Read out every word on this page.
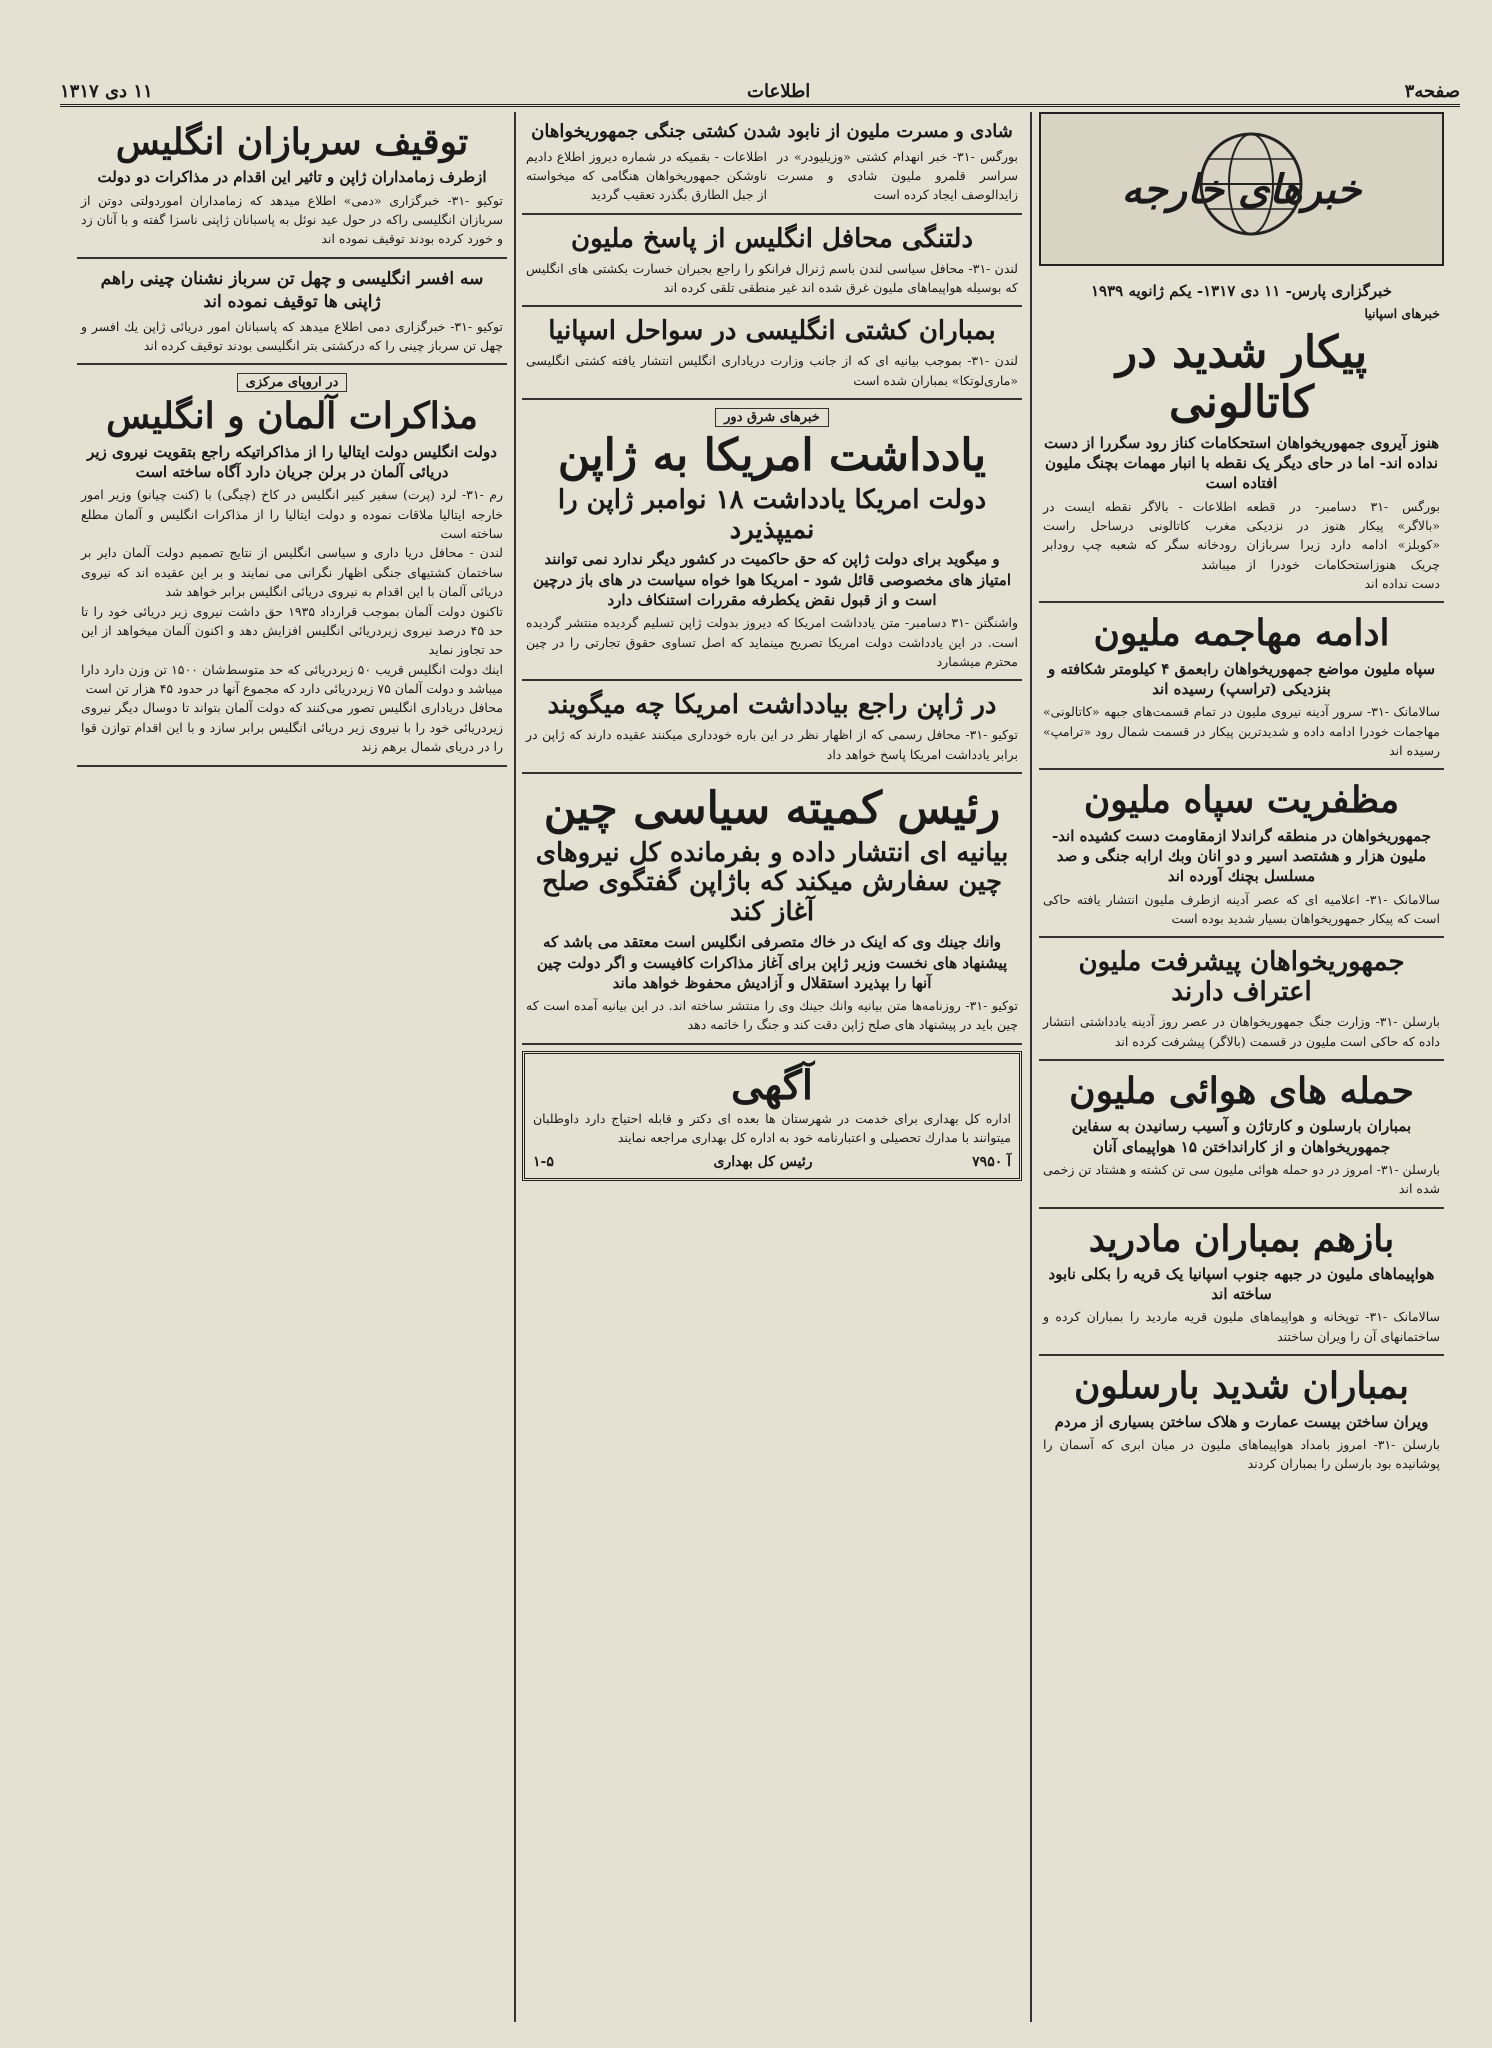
صفحه۳
اطلاعات
۱۱ دی ۱۳۱۷
خبرهای خارجه
خبرگزاری پارس- ۱۱ دی ۱۳۱۷- یکم ژانویه ۱۹۳۹
خبرهای اسپانیا
پیکار شدید در کاتالونی
هنوز آیروی جمهوریخواهان استحکامات کناز رود سگررا از دست نداده اند- اما در حای دیگر یک نقطه با انبار مهمات بچنگ ملیون افتاده است
بورگس -۳۱ دسامبر- در قطعه «بالاگر» پیکار هنوز در نزدیکی «کوبلز» ادامه دارد زیرا سربازان چریک هنوزاستحکامات خودرا از دست نداده اند
اطلاعات - بالاگر نقطه ایست در مغرب کاتالونی درساحل راست رودخانه سگر که شعبه چپ رودابر میباشد
ادامه مهاجمه ملیون
سپاه ملیون مواضع جمهوریخواهان رابعمق ۴ کیلومتر شکافته و بنزدیکی (تراسپ) رسیده اند
سالامانک -۳۱- سرور آدینه نیروی ملیون در تمام قسمت‌های جبهه «کاتالونی» مهاجمات خودرا ادامه داده و شدیدترین پیکار در قسمت شمال رود «ترامپ» رسیده اند
مظفریت سپاه ملیون
جمهوریخواهان در منطقه گراندلا ازمقاومت دست کشیده اند- ملیون هزار و هشتصد اسیر و دو انان وبك ارابه جنگی و صد مسلسل بچنك آورده اند
سالامانک -۳۱- اعلامیه ای که عصر آدینه ازطرف ملیون انتشار یافته حاکی است که پیکار جمهوریخواهان بسیار شدید بوده است
جمهوریخواهان پیشرفت ملیون اعتراف دارند
بارسلن -۳۱- وزارت جنگ جمهوریخواهان در عصر روز آدینه یادداشتی انتشار داده که حاکی است ملیون در قسمت (بالاگر) پیشرفت کرده اند
حمله های هوائی ملیون
بمباران بارسلون و کارتاژن و آسیب رسانیدن به سفاین جمهوریخواهان و از کارانداختن ۱۵ هواپیمای آنان
بارسلن -۳۱- امروز در دو حمله هوائی ملیون سی تن کشته و هشتاد تن زخمی شده اند
بازهم بمباران مادرید
هواپیماهای ملیون در جبهه جنوب اسپانیا یک قریه را بکلی نابود ساخته اند
سالامانک -۳۱- توپخانه و هواپیماهای ملیون قریه ماردید را بمباران کرده و ساختمانهای آن را ویران ساختند
بمباران شدید بارسلون
ویران ساختن بیست عمارت و هلاک ساختن بسیاری از مردم
بارسلن -۳۱- امروز بامداد هواپیماهای ملیون در میان ابری که آسمان را پوشانیده بود بارسلن را بمباران کردند
شادی و مسرت ملیون از نابود شدن کشتی جنگی جمهوریخواهان
بورگس -۳۱- خبر انهدام کشتی «وزیلیودر» در سراسر قلمرو ملیون شادی و مسرت زایدالوصف ایجاد کرده است
اطلاعات - بقمیکه در شماره دیروز اطلاع دادیم ناوشکن جمهوریخواهان هنگامی که میخواسته از جبل الطارق بگذرد تعقیب گردید
دلتنگی محافل انگلیس از پاسخ ملیون
لندن -۳۱- محافل سیاسی لندن باسم ژنرال فرانکو را راجع بجبران خسارت بکشتی های انگلیس که بوسیله هواپیماهای ملیون غرق شده اند غیر منطقی تلقی کرده اند
بمباران کشتی انگلیسی در سواحل اسپانیا
لندن -۳۱- بموجب بیانیه ای که از جانب وزارت دریاداری انگلیس انتشار یافته کشتی انگلیسی «ماری‌لوتکا» بمباران شده است
خبرهای شرق دور
یادداشت امریکا به ژاپن
دولت امریکا یادداشت ۱۸ نوامبر ژاپن را نمیپذیرد
و میگوید برای دولت ژاپن که حق حاکمیت در کشور دیگر ندارد نمی توانند امتیاز های مخصوصی قائل شود - امریکا هوا خواه سیاست در های باز درچین است و از قبول نقض یکطرفه مقررات استنکاف دارد
واشنگتن -۳۱ دسامبر- متن یادداشت امریکا که دیروز بدولت ژاپن تسلیم گردیده منتشر گردیده است. در این یادداشت دولت امریکا تصریح مینماید که اصل تساوی حقوق تجارتی را در چین محترم میشمارد
در ژاپن راجع بیادداشت امریکا چه میگویند
توکیو -۳۱- محافل رسمی که از اظهار نظر در این باره خودداری میکنند عقیده دارند که ژاپن در برابر یادداشت امریکا پاسخ خواهد داد
رئیس کمیته سیاسی چین
بیانیه ای انتشار داده و بفرمانده کل نیروهای چین سفارش میکند که باژاپن گفتگوی صلح آغاز کند
وانك جینك وی که اینک در خاك متصرفی انگلیس است معتقد می باشد که پیشنهاد های نخست وزیر ژاپن برای آغاز مذاکرات کافیست و اگر دولت چین آنها را بپذیرد استقلال و آزادیش محفوظ خواهد ماند
توکیو -۳۱- روزنامه‌ها متن بیانیه وانك جینك وی را منتشر ساخته اند. در این بیانیه آمده است که چین باید در پیشنهاد های صلح ژاپن دقت کند و جنگ را خاتمه دهد
آگهی
اداره کل بهداری برای خدمت در شهرستان ها بعده ای دکتر و قابله احتیاج دارد داوطلبان میتوانند با مدارك تحصیلی و اعتبارنامه خود به اداره کل بهداری مراجعه نمایند
آ ۷۹۵۰
رئیس کل بهداری
۱-۵
توقیف سربازان انگلیس
ازطرف زمامداران ژاپن و تاثیر این اقدام در مذاکرات دو دولت
توکیو -۳۱- خبرگزاری «دمی» اطلاع میدهد که زمامداران اموردولتی دوتن از سربازان انگلیسی راکه در حول عید نوئل به پاسبانان ژاپنی ناسزا گفته و با آنان زد و خورد کرده بودند توقیف نموده اند
سه افسر انگلیسی و چهل تن سرباز نشنان چینی راهم ژاپنی ها توقیف نموده اند
توکیو -۳۱- خبرگزاری دمی اطلاع میدهد که پاسبانان امور دریائی ژاپن یك افسر و چهل تن سرباز چینی را که درکشتی بتر انگلیسی بودند توقیف کرده اند
در اروپای مرکزی
مذاکرات آلمان و انگلیس
دولت انگلیس دولت ایتالیا را از مذاکراتیکه راجع بتقویت نیروی زیر دریائی آلمان در برلن جریان دارد آگاه ساخته است
رم -۳۱- لرد (پرت) سفیر کبیر انگلیس در کاخ (چیگی) با (کنت چیانو) وزیر امور خارجه ایتالیا ملاقات نموده و دولت ایتالیا را از مذاکرات انگلیس و آلمان مطلع ساخته است
لندن - محافل دریا داری و سیاسی انگلیس از نتایج تصمیم دولت آلمان دایر بر ساختمان کشتیهای جنگی اظهار نگرانی می نمایند و بر این عقیده اند که نیروی دریائی آلمان با این اقدام به نیروی دریائی انگلیس برابر خواهد شد
تاکنون دولت آلمان بموجب قرارداد ۱۹۳۵ حق داشت نیروی زیر دریائی خود را تا حد ۴۵ درصد نیروی زیردریائی انگلیس افزایش دهد و اکنون آلمان میخواهد از این حد تجاوز نماید
اینك دولت انگلیس قریب ۵۰ زیردریائی که حد متوسط‌شان ۱۵۰۰ تن وزن دارد دارا میباشد و دولت آلمان ۷۵ زیردریائی دارد که مجموع آنها در حدود ۴۵ هزار تن است
محافل دریاداری انگلیس تصور می‌کنند که دولت آلمان بتواند تا دوسال دیگر نیروی زیردریائی خود را با نیروی زیر دریائی انگلیس برابر سازد و با این اقدام توازن قوا را در دریای شمال برهم زند
